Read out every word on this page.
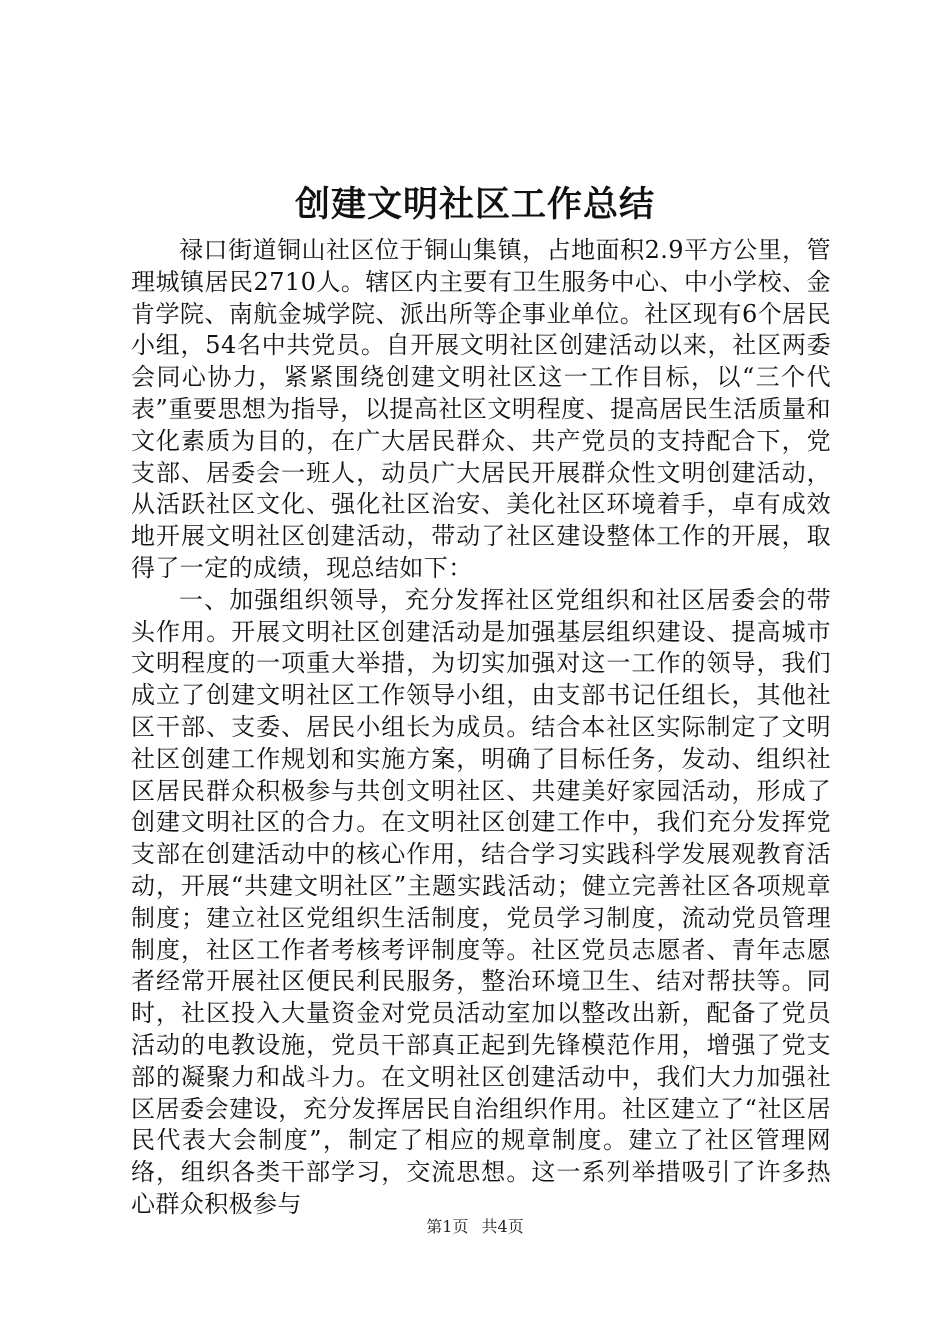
创建文明社区工作总结

禄口街道铜山社区位于铜山集镇，占地面积2.9平方公里，管理城镇居民2710人。辖区内主要有卫生服务中心、中小学校、金肯学院、南航金城学院、派出所等企事业单位。社区现有6个居民小组，54名中共党员。自开展文明社区创建活动以来，社区两委会同心协力，紧紧围绕创建文明社区这一工作目标，以“三个代表”重要思想为指导，以提高社区文明程度、提高居民生活质量和文化素质为目的，在广大居民群众、共产党员的支持配合下，党支部、居委会一班人，动员广大居民开展群众性文明创建活动，从活跃社区文化、强化社区治安、美化社区环境着手，卓有成效地开展文明社区创建活动，带动了社区建设整体工作的开展，取得了一定的成绩，现总结如下：

一、加强组织领导，充分发挥社区党组织和社区居委会的带头作用。开展文明社区创建活动是加强基层组织建设、提高城市文明程度的一项重大举措，为切实加强对这一工作的领导，我们成立了创建文明社区工作领导小组，由支部书记任组长，其他社区干部、支委、居民小组长为成员。结合本社区实际制定了文明社区创建工作规划和实施方案，明确了目标任务，发动、组织社区居民群众积极参与共创文明社区、共建美好家园活动，形成了创建文明社区的合力。在文明社区创建工作中，我们充分发挥党支部在创建活动中的核心作用，结合学习实践科学发展观教育活动，开展“共建文明社区”主题实践活动；健立完善社区各项规章制度；建立社区党组织生活制度，党员学习制度，流动党员管理制度，社区工作者考核考评制度等。社区党员志愿者、青年志愿者经常开展社区便民利民服务，整治环境卫生、结对帮扶等。同时，社区投入大量资金对党员活动室加以整改出新，配备了党员活动的电教设施，党员干部真正起到先锋模范作用，增强了党支部的凝聚力和战斗力。在文明社区创建活动中，我们大力加强社区居委会建设，充分发挥居民自治组织作用。社区建立了“社区居民代表大会制度”，制定了相应的规章制度。建立了社区管理网络，组织各类干部学习，交流思想。这一系列举措吸引了许多热心群众积极参与

第1页 共4页
